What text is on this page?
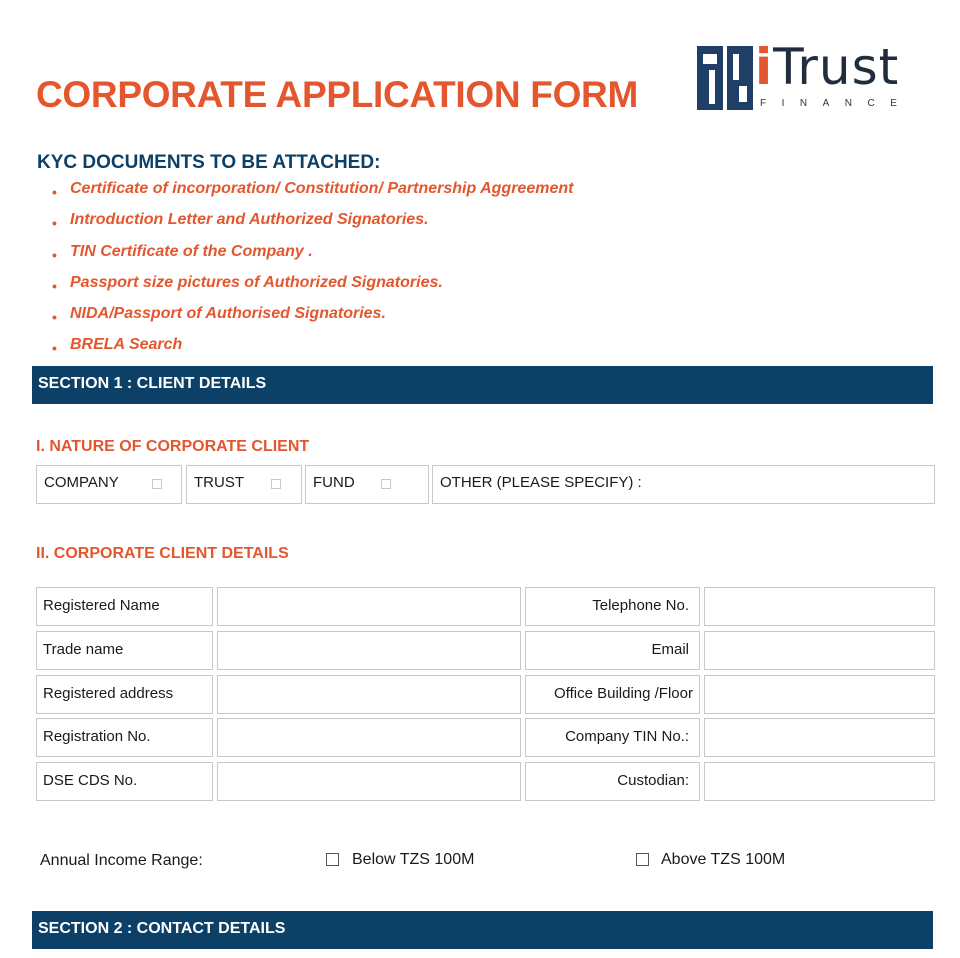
CORPORATE APPLICATION FORM iTrust
FINANCE
KYC DOCUMENTS TO BE ATTACHED:
• Certificate of incorporation/ Constitution/ Partnership Aggreement
• Introduction Letter and Authorized Signatories.
• TIN Certificate of the Company .
• Passport size pictures of Authorized Signatories.
• NIDA/Passport of Authorised Signatories.
• BRELA Search
SECTION 1 : CLIENT DETAILS
I. NATURE OF CORPORATE CLIENT
COMPANY	TRUST	FUND	OTHER (PLEASE SPECIFY) :
II. CORPORATE CLIENT DETAILS
Registered Name	Telephone No.
Trade name	Email
Registered address	Office Building /Floor
Registration No.	Company TIN No.:
DSE CDS No.	Custodian:
Annual Income Range:	Below TZS 100M	Above TZS 100M
SECTION 2 : CONTACT DETAILS
